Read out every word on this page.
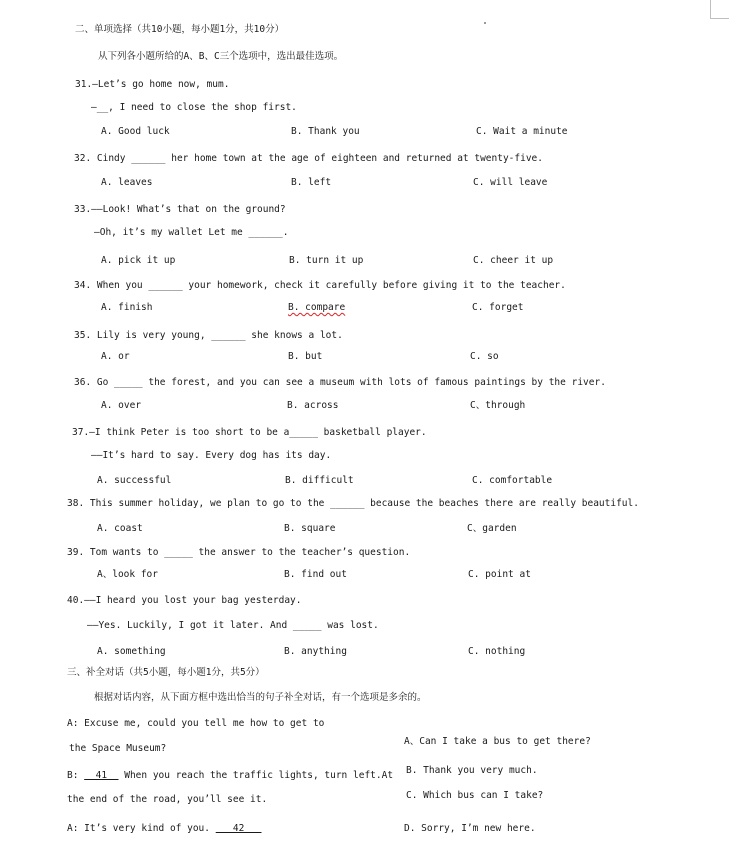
二、单项选择（共10小题，每小题1分，共10分）
从下列各小题所给的A、B、C三个选项中，选出最佳选项。
31.—Let’s go home now, mum.
—__, I need to close the shop first.
A. Good luck	B. Thank you	C. Wait a minute
32. Cindy ______ her home town at the age of eighteen and returned at twenty-five.
A. leaves	B. left	C. will leave
33.——Look! What’s that on the ground?
—Oh, it’s my wallet Let me ______.
A. pick it up	B. turn it up	C. cheer it up
34. When you ______ your homework, check it carefully before giving it to the teacher.
A. finish	B. compare	C. forget
35. Lily is very young, ______ she knows a lot.
A. or	B. but	C. so
36. Go _____ the forest, and you can see a museum with lots of famous paintings by the river.
A. over	B. across	C、through
37.—I think Peter is too short to be a_____ basketball player.
——It’s hard to say. Every dog has its day.
A. successful	B. difficult	C. comfortable
38. This summer holiday, we plan to go to the ______ because the beaches there are really beautiful.
A. coast	B. square	C、garden
39. Tom wants to _____ the answer to the teacher’s question.
A、look for	B. find out	C. point at
40.——I heard you lost your bag yesterday.
——Yes. Luckily, I got it later. And _____ was lost.
A. something	B. anything	C. nothing
三、补全对话（共5小题，每小题1分，共5分）
根据对话内容，从下面方框中选出恰当的句子补全对话，有一个选项是多余的。
A: Excuse me, could you tell me how to get to
the Space Museum?
B:   41   When you reach the traffic lights, turn left.At
the end of the road, you’ll see it.
A: It’s very kind of you.    42
A、Can I take a bus to get there?
B. Thank you very much.
C. Which bus can I take?
D. Sorry, I’m new here.
